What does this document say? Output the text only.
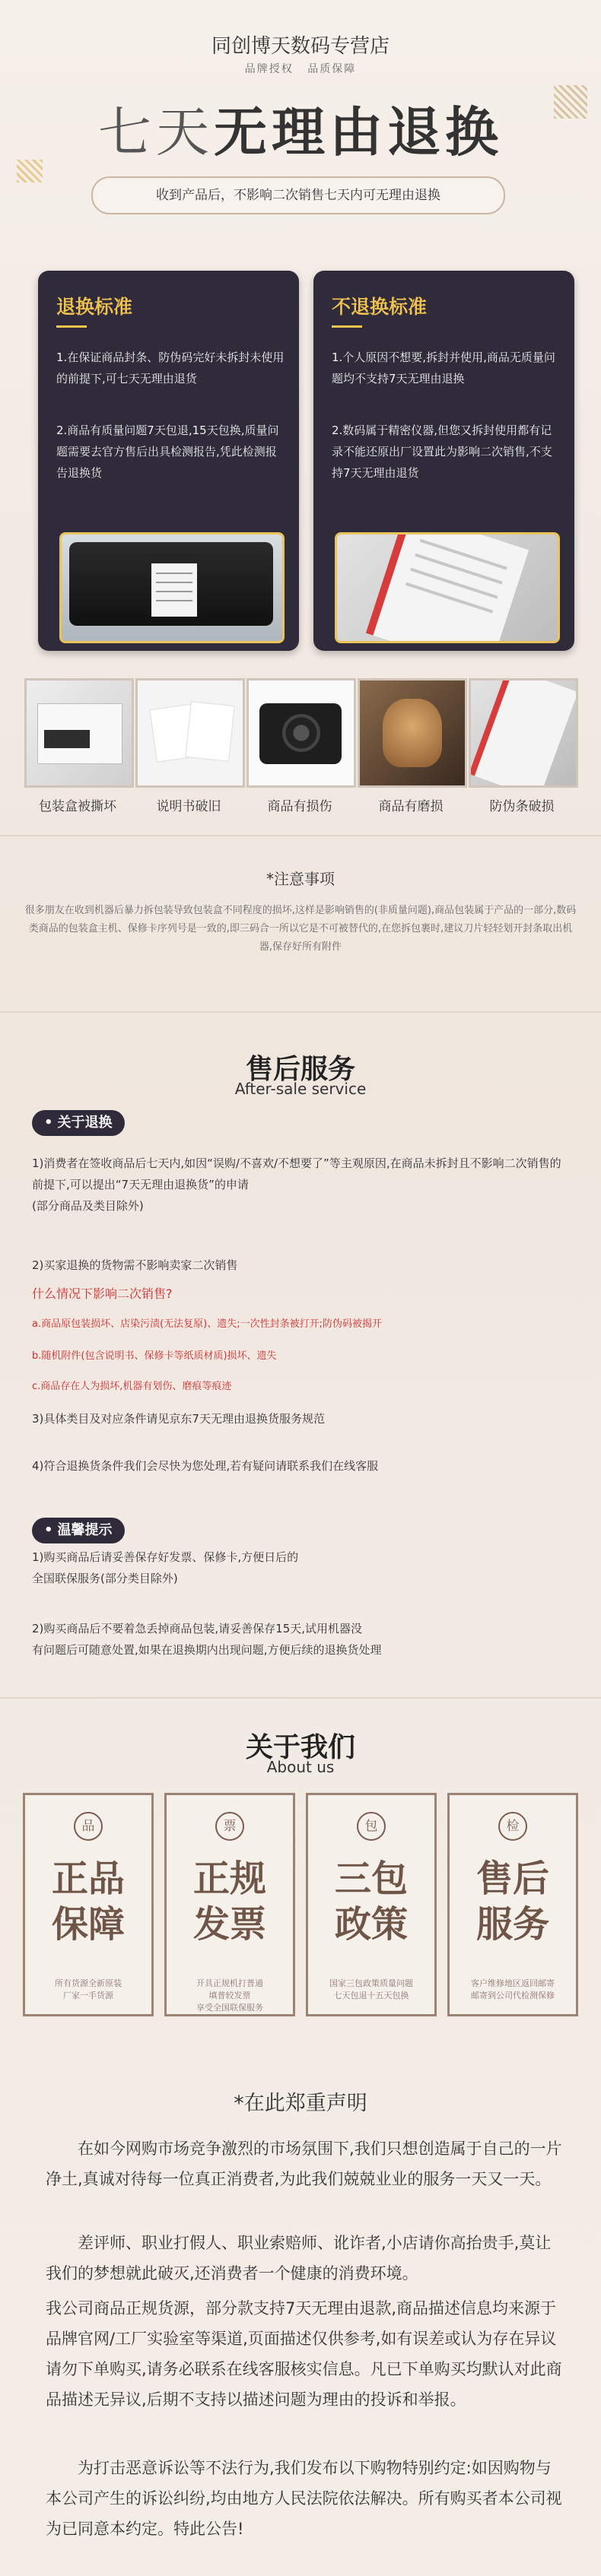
同创博天数码专营店
品牌授权 品质保障
七天无理由退换
收到产品后，不影响二次销售七天内可无理由退换
退换标准

1.在保证商品封条、防伪码完好未拆封未使用的前提下,可七天无理由退货

2.商品有质量问题7天包退,15天包换,质量问题需要去官方售后出具检测报告,凭此检测报告退换货

不退换标准

1.个人原因不想要,拆封并使用,商品无质量问题均不支持7天无理由退换

2.数码属于精密仪器,但您又拆封使用都有记录不能还原出厂设置此为影响二次销售,不支持7天无理由退货

包装盒被撕坏	说明书破旧	商品有损伤	商品有磨损	防伪条破损
*注意事项
很多朋友在收到机器后暴力拆包装导致包装盒不同程度的损坏,这样是影响销售的(非质量问题),商品包装属于产品的一部分,数码类商品的包装盒主机、保修卡序列号是一致的,即三码合一所以它是不可被替代的,在您拆包裹时,建议刀片轻轻划开封条取出机器,保存好所有附件
售后服务
After-sale service
• 关于退换
1)消费者在签收商品后七天内,如因“误购/不喜欢/不想要了”等主观原因,在商品未拆封且不影响二次销售的前提下,可以提出“7天无理由退换货”的申请
(部分商品及类目除外)
2)买家退换的货物需不影响卖家二次销售
什么情况下影响二次销售?
a.商品原包装损坏、店染污渍(无法复原)、遗失;一次性封条被打开;防伪码被揭开
b.随机附件(包含说明书、保修卡等纸质材质)损坏、遗失
c.商品存在人为损坏,机器有划伤、磨痕等痕迹
3)具体类目及对应条件请见京东7天无理由退换货服务规范
4)符合退换货条件我们会尽快为您处理,若有疑问请联系我们在线客服
• 温馨提示
1)购买商品后请妥善保存好发票、保修卡,方便日后的
全国联保服务(部分类目除外)
2)购买商品后不要着急丢掉商品包装,请妥善保存15天,试用机器没
有问题后可随意处置,如果在退换期内出现问题,方便后续的退换货处理
关于我们
About us
品
正品
保障
所有货源全新原装
厂家一手货源
票
正规
发票
开具正规机打普通
填普较发票
享受全国联保服务
包
三包
政策
国家三包政策质量问题
七天包退十五天包换
检
售后
服务
客户维修地区返回邮寄
邮寄到公司代检测保修
*在此郑重声明
在如今网购市场竞争激烈的市场氛围下,我们只想创造属于自己的一片净土,真诚对待每一位真正消费者,为此我们兢兢业业的服务一天又一天。
差评师、职业打假人、职业索赔师、讹诈者,小店请你高抬贵手,莫让我们的梦想就此破灭,还消费者一个健康的消费环境。
我公司商品正规货源，部分款支持7天无理由退款,商品描述信息均来源于品牌官网/工厂实验室等渠道,页面描述仅供参考,如有误差或认为存在异议请勿下单购买,请务必联系在线客服核实信息。凡已下单购买均默认对此商品描述无异议,后期不支持以描述问题为理由的投诉和举报。
为打击恶意诉讼等不法行为,我们发布以下购物特别约定:如因购物与本公司产生的诉讼纠纷,均由地方人民法院依法解决。所有购买者本公司视为已同意本约定。特此公告!
